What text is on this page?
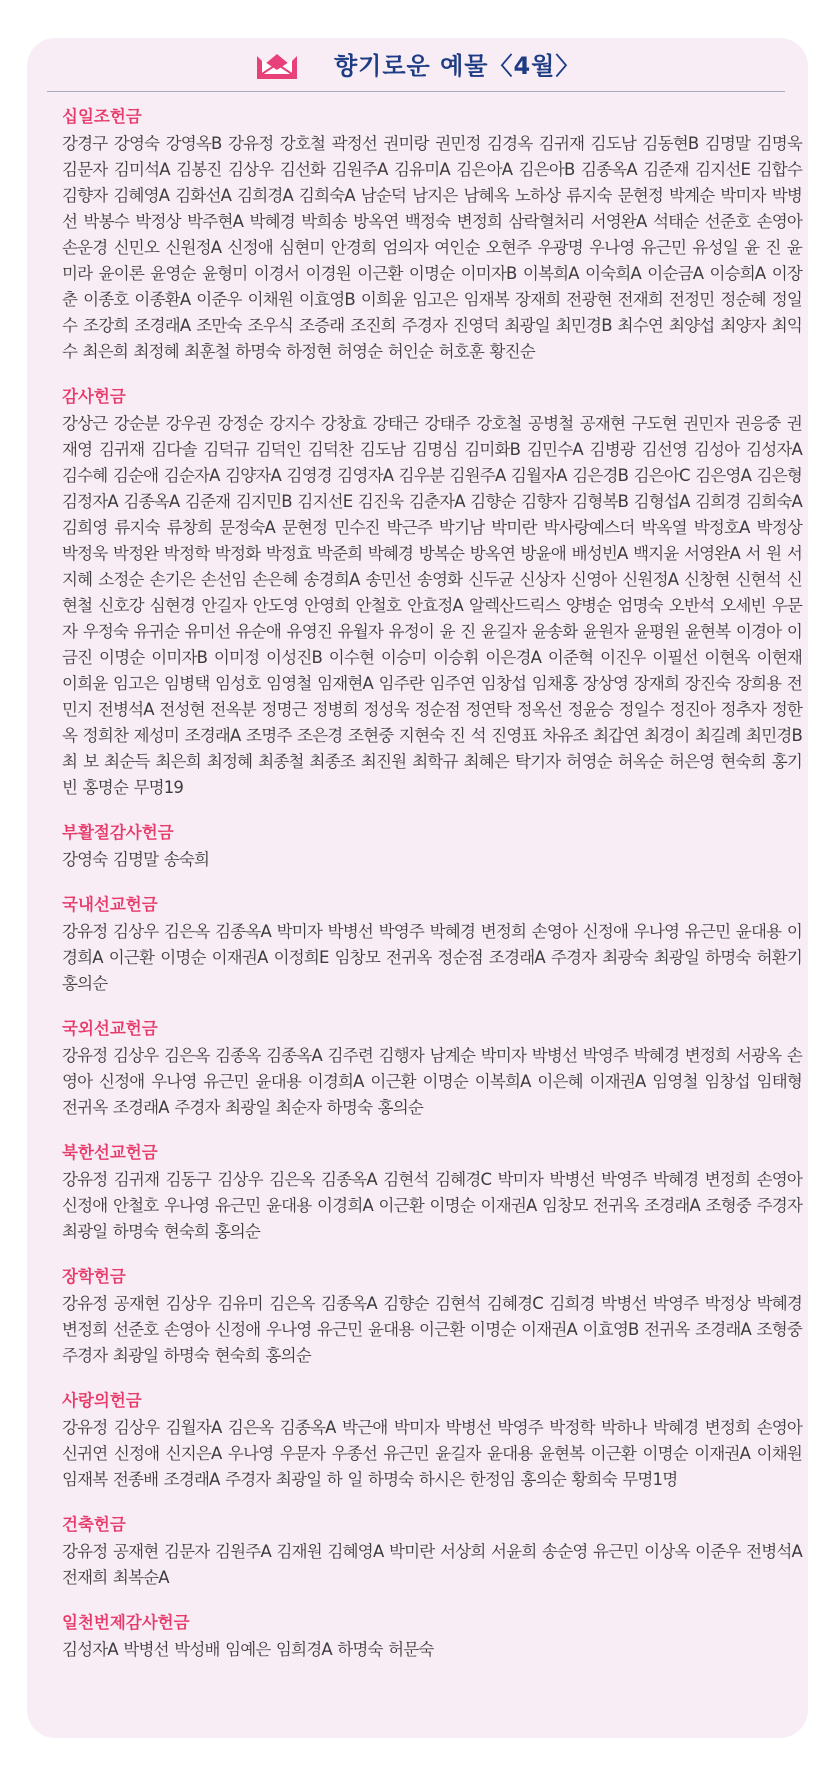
향기로운 예물〈4월〉
십일조헌금
강경구 강영숙 강영옥B 강유정 강호철 곽정선 권미랑 권민정 김경옥 김귀재 김도남 김동현B 김명말 김명욱 김문자 김미석A 김봉진 김상우 김선화 김원주A 김유미A 김은아A 김은아B 김종옥A 김준재 김지선E 김합수 김향자 김혜영A 김화선A 김희경A 김희숙A 남순덕 남지은 남혜옥 노하상 류지숙 문현정 박계순 박미자 박병선 박봉수 박정상 박주현A 박혜경 박희송 방옥연 백정숙 변정희 삼락혈처리 서영완A 석태순 선준호 손영아 손운경 신민오 신원정A 신정애 심현미 안경희 엄의자 여인순 오현주 우광명 우나영 유근민 유성일 윤 진 윤미라 윤이론 윤영순 윤형미 이경서 이경원 이근환 이명순 이미자B 이복희A 이숙희A 이순금A 이승희A 이장춘 이종호 이종환A 이준우 이채원 이효영B 이희윤 임고은 임재복 장재희 전광현 전재희 전정민 정순혜 정일수 조강희 조경래A 조만숙 조우식 조증래 조진희 주경자 진영덕 최광일 최민경B 최수연 최양섭 최양자 최익수 최은희 최정혜 최훈철 하명숙 하정현 허영순 허인순 허호훈 황진순
감사헌금
강상근 강순분 강우권 강정순 강지수 강창효 강태근 강태주 강호철 공병철 공재현 구도현 권민자 권응중 권재영 김귀재 김다솔 김덕규 김덕인 김덕찬 김도남 김명심 김미화B 김민수A 김병광 김선영 김성아 김성자A 김수혜 김순애 김순자A 김양자A 김영경 김영자A 김우분 김원주A 김월자A 김은경B 김은아C 김은영A 김은형 김정자A 김종옥A 김준재 김지민B 김지선E 김진욱 김춘자A 김향순 김향자 김형복B 김형섭A 김희경 김희숙A 김희영 류지숙 류창희 문정숙A 문현정 민수진 박근주 박기남 박미란 박사랑예스더 박옥열 박정호A 박정상 박정욱 박정완 박정학 박정화 박정효 박준희 박혜경 방복순 방옥연 방윤애 배성빈A 백지윤 서영완A 서 원 서지혜 소정순 손기은 손선임 손은혜 송경희A 송민선 송영화 신두균 신상자 신영아 신원정A 신창현 신현석 신현철 신호강 심현경 안길자 안도영 안영희 안철호 안효정A 알렉산드릭스 양병순 엄명숙 오반석 오세빈 우문자 우정숙 유귀순 유미선 유순애 유영진 유월자 유정이 윤 진 윤길자 윤송화 윤원자 윤평원 윤현복 이경아 이금진 이명순 이미자B 이미정 이성진B 이수현 이승미 이승휘 이은경A 이준혁 이진우 이필선 이현옥 이현재 이희윤 임고은 임병택 임성호 임영철 임재현A 임주란 임주연 임창섭 임채홍 장상영 장재희 장진숙 장희용 전민지 전병석A 전성현 전옥분 정명근 정병희 정성욱 정순점 정연탁 정옥선 정윤승 정일수 정진아 정추자 정한옥 정희찬 제성미 조경래A 조명주 조은경 조현중 지현숙 진 석 진영표 차유조 최갑연 최경이 최길례 최민경B 최 보 최순득 최은희 최정혜 최종철 최종조 최진원 최학규 최혜은 탁기자 허영순 허옥순 허은영 현숙희 홍기빈 홍명순 무명19
부활절감사헌금
강영숙 김명말 송숙희
국내선교헌금
강유정 김상우 김은옥 김종옥A 박미자 박병선 박영주 박혜경 변정희 손영아 신정애 우나영 유근민 윤대용 이경희A 이근환 이명순 이재권A 이정희E 임창모 전귀옥 정순점 조경래A 주경자 최광숙 최광일 하명숙 허환기 홍의순
국외선교헌금
강유정 김상우 김은옥 김종옥 김종옥A 김주련 김행자 남계순 박미자 박병선 박영주 박혜경 변정희 서광옥 손영아 신정애 우나영 유근민 윤대용 이경희A 이근환 이명순 이복희A 이은혜 이재권A 임영철 임창섭 임태형 전귀옥 조경래A 주경자 최광일 최순자 하명숙 홍의순
북한선교헌금
강유정 김귀재 김동구 김상우 김은옥 김종옥A 김현석 김혜경C 박미자 박병선 박영주 박혜경 변정희 손영아 신정애 안철호 우나영 유근민 윤대용 이경희A 이근환 이명순 이재권A 임창모 전귀옥 조경래A 조형중 주경자 최광일 하명숙 현숙희 홍의순
장학헌금
강유정 공재현 김상우 김유미 김은옥 김종옥A 김향순 김현석 김혜경C 김희경 박병선 박영주 박정상 박혜경 변정희 선준호 손영아 신정애 우나영 유근민 윤대용 이근환 이명순 이재권A 이효영B 전귀옥 조경래A 조형중 주경자 최광일 하명숙 현숙희 홍의순
사랑의헌금
강유정 김상우 김월자A 김은옥 김종옥A 박근애 박미자 박병선 박영주 박정학 박하나 박혜경 변정희 손영아 신귀연 신정애 신지은A 우나영 우문자 우종선 유근민 윤길자 윤대용 윤현복 이근환 이명순 이재권A 이채원 임재복 전종배 조경래A 주경자 최광일 하 일 하명숙 하시은 한정임 홍의순 황희숙 무명1명
건축헌금
강유정 공재현 김문자 김원주A 김재원 김혜영A 박미란 서상희 서윤희 송순영 유근민 이상옥 이준우 전병석A 전재희 최복순A
일천번제감사헌금
김성자A 박병선 박성배 임예은 임희경A 하명숙 허문숙
